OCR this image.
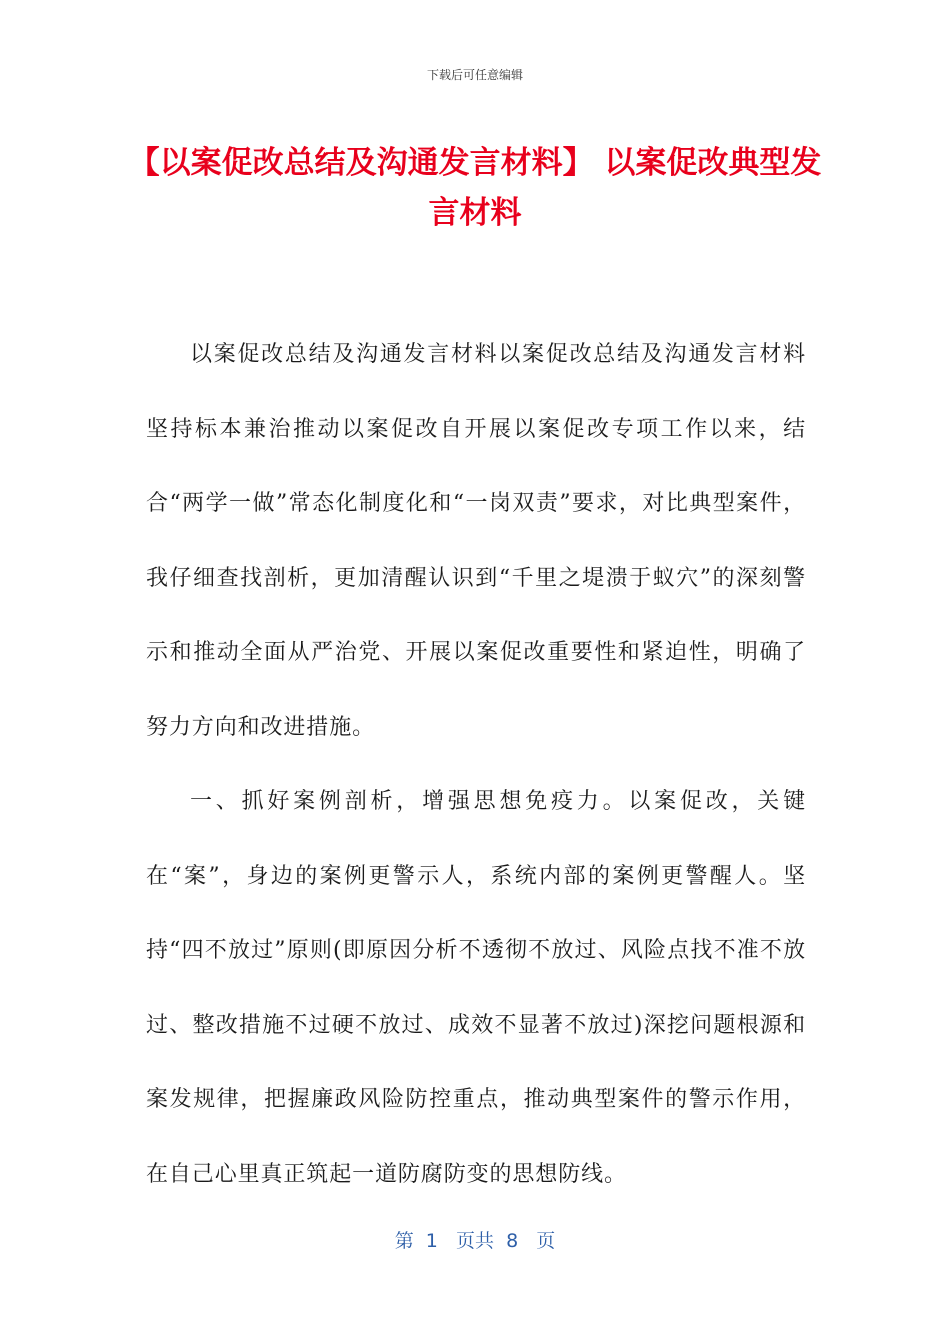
下载后可任意编辑
【以案促改总结及沟通发言材料】 以案促改典型发言材料

以案促改总结及沟通发言材料以案促改总结及沟通发言材料坚持标本兼治推动以案促改自开展以案促改专项工作以来，结合“两学一做”常态化制度化和“一岗双责”要求，对比典型案件，我仔细查找剖析，更加清醒认识到“千里之堤溃于蚁穴”的深刻警示和推动全面从严治党、开展以案促改重要性和紧迫性，明确了努力方向和改进措施。

一、抓好案例剖析，增强思想免疫力。以案促改，关键在“案”，身边的案例更警示人，系统内部的案例更警醒人。坚持“四不放过”原则(即原因分析不透彻不放过、风险点找不准不放过、整改措施不过硬不放过、成效不显著不放过)深挖问题根源和案发规律，把握廉政风险防控重点，推动典型案件的警示作用，在自己心里真正筑起一道防腐防变的思想防线。

第  1   页共  8   页
